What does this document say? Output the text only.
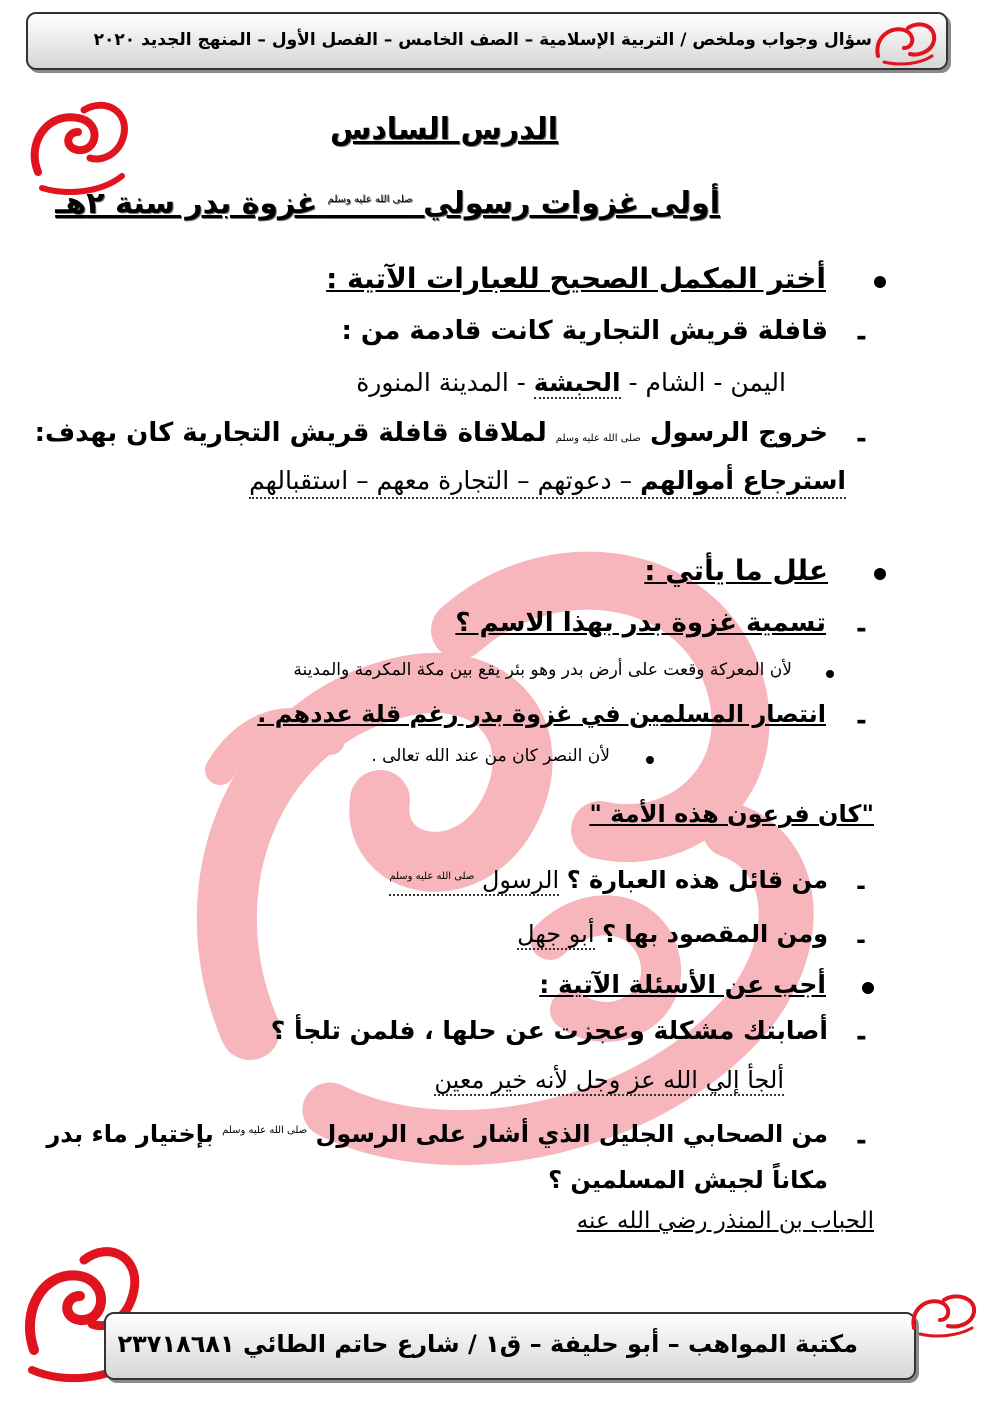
سؤال وجواب وملخص / التربية الإسلامية – الصف الخامس – الفصل الأول – المنهج الجديد ٢٠٢٠
الدرس السادس
أولى غزوات رسولي $^{صلى الله عليه وسلم}$ غزوة بدر سنة ٢هـ
أختر المكمل الصحيح للعبارات الآتية :
-
قافلة قريش التجارية كانت قادمة من :
اليمن - الشام - الحبشة - المدينة المنورة
-
خروج الرسول صلى الله عليه وسلم لملاقاة قافلة قريش التجارية كان بهدف:
استرجاع أموالهم – دعوتهم – التجارة معهم – استقبالهم
علل ما يأتي :
-
تسمية غزوة بدر بهذا الاسم ؟
لأن المعركة وقعت على أرض بدر وهو بئر يقع بين مكة المكرمة والمدينة
-
انتصار المسلمين في غزوة بدر رغم قلة عددهم .
لأن النصر كان من عند الله تعالى .
"كان فرعون هذه الأمة "
-
من قائل هذه العبارة ؟ الرسول $^{صلى الله عليه وسلم}$
-
ومن المقصود بها ؟ أبو جهل
أجب عن الأسئلة الآتية :
-
أصابتك مشكلة وعجزت عن حلها ، فلمن تلجأ ؟
ألجأ إلي الله عز وجل لأنه خير معين
-
من الصحابي الجليل الذي أشار على الرسول $^{صلى الله عليه وسلم}$ بإختيار ماء بدر
مكاناً لجيش المسلمين ؟
الحباب بن المنذر رضي الله عنه
مكتبة المواهب – أبو حليفة – ق١ / شارع حاتم الطائي ٢٣٧١٨٦٨١
